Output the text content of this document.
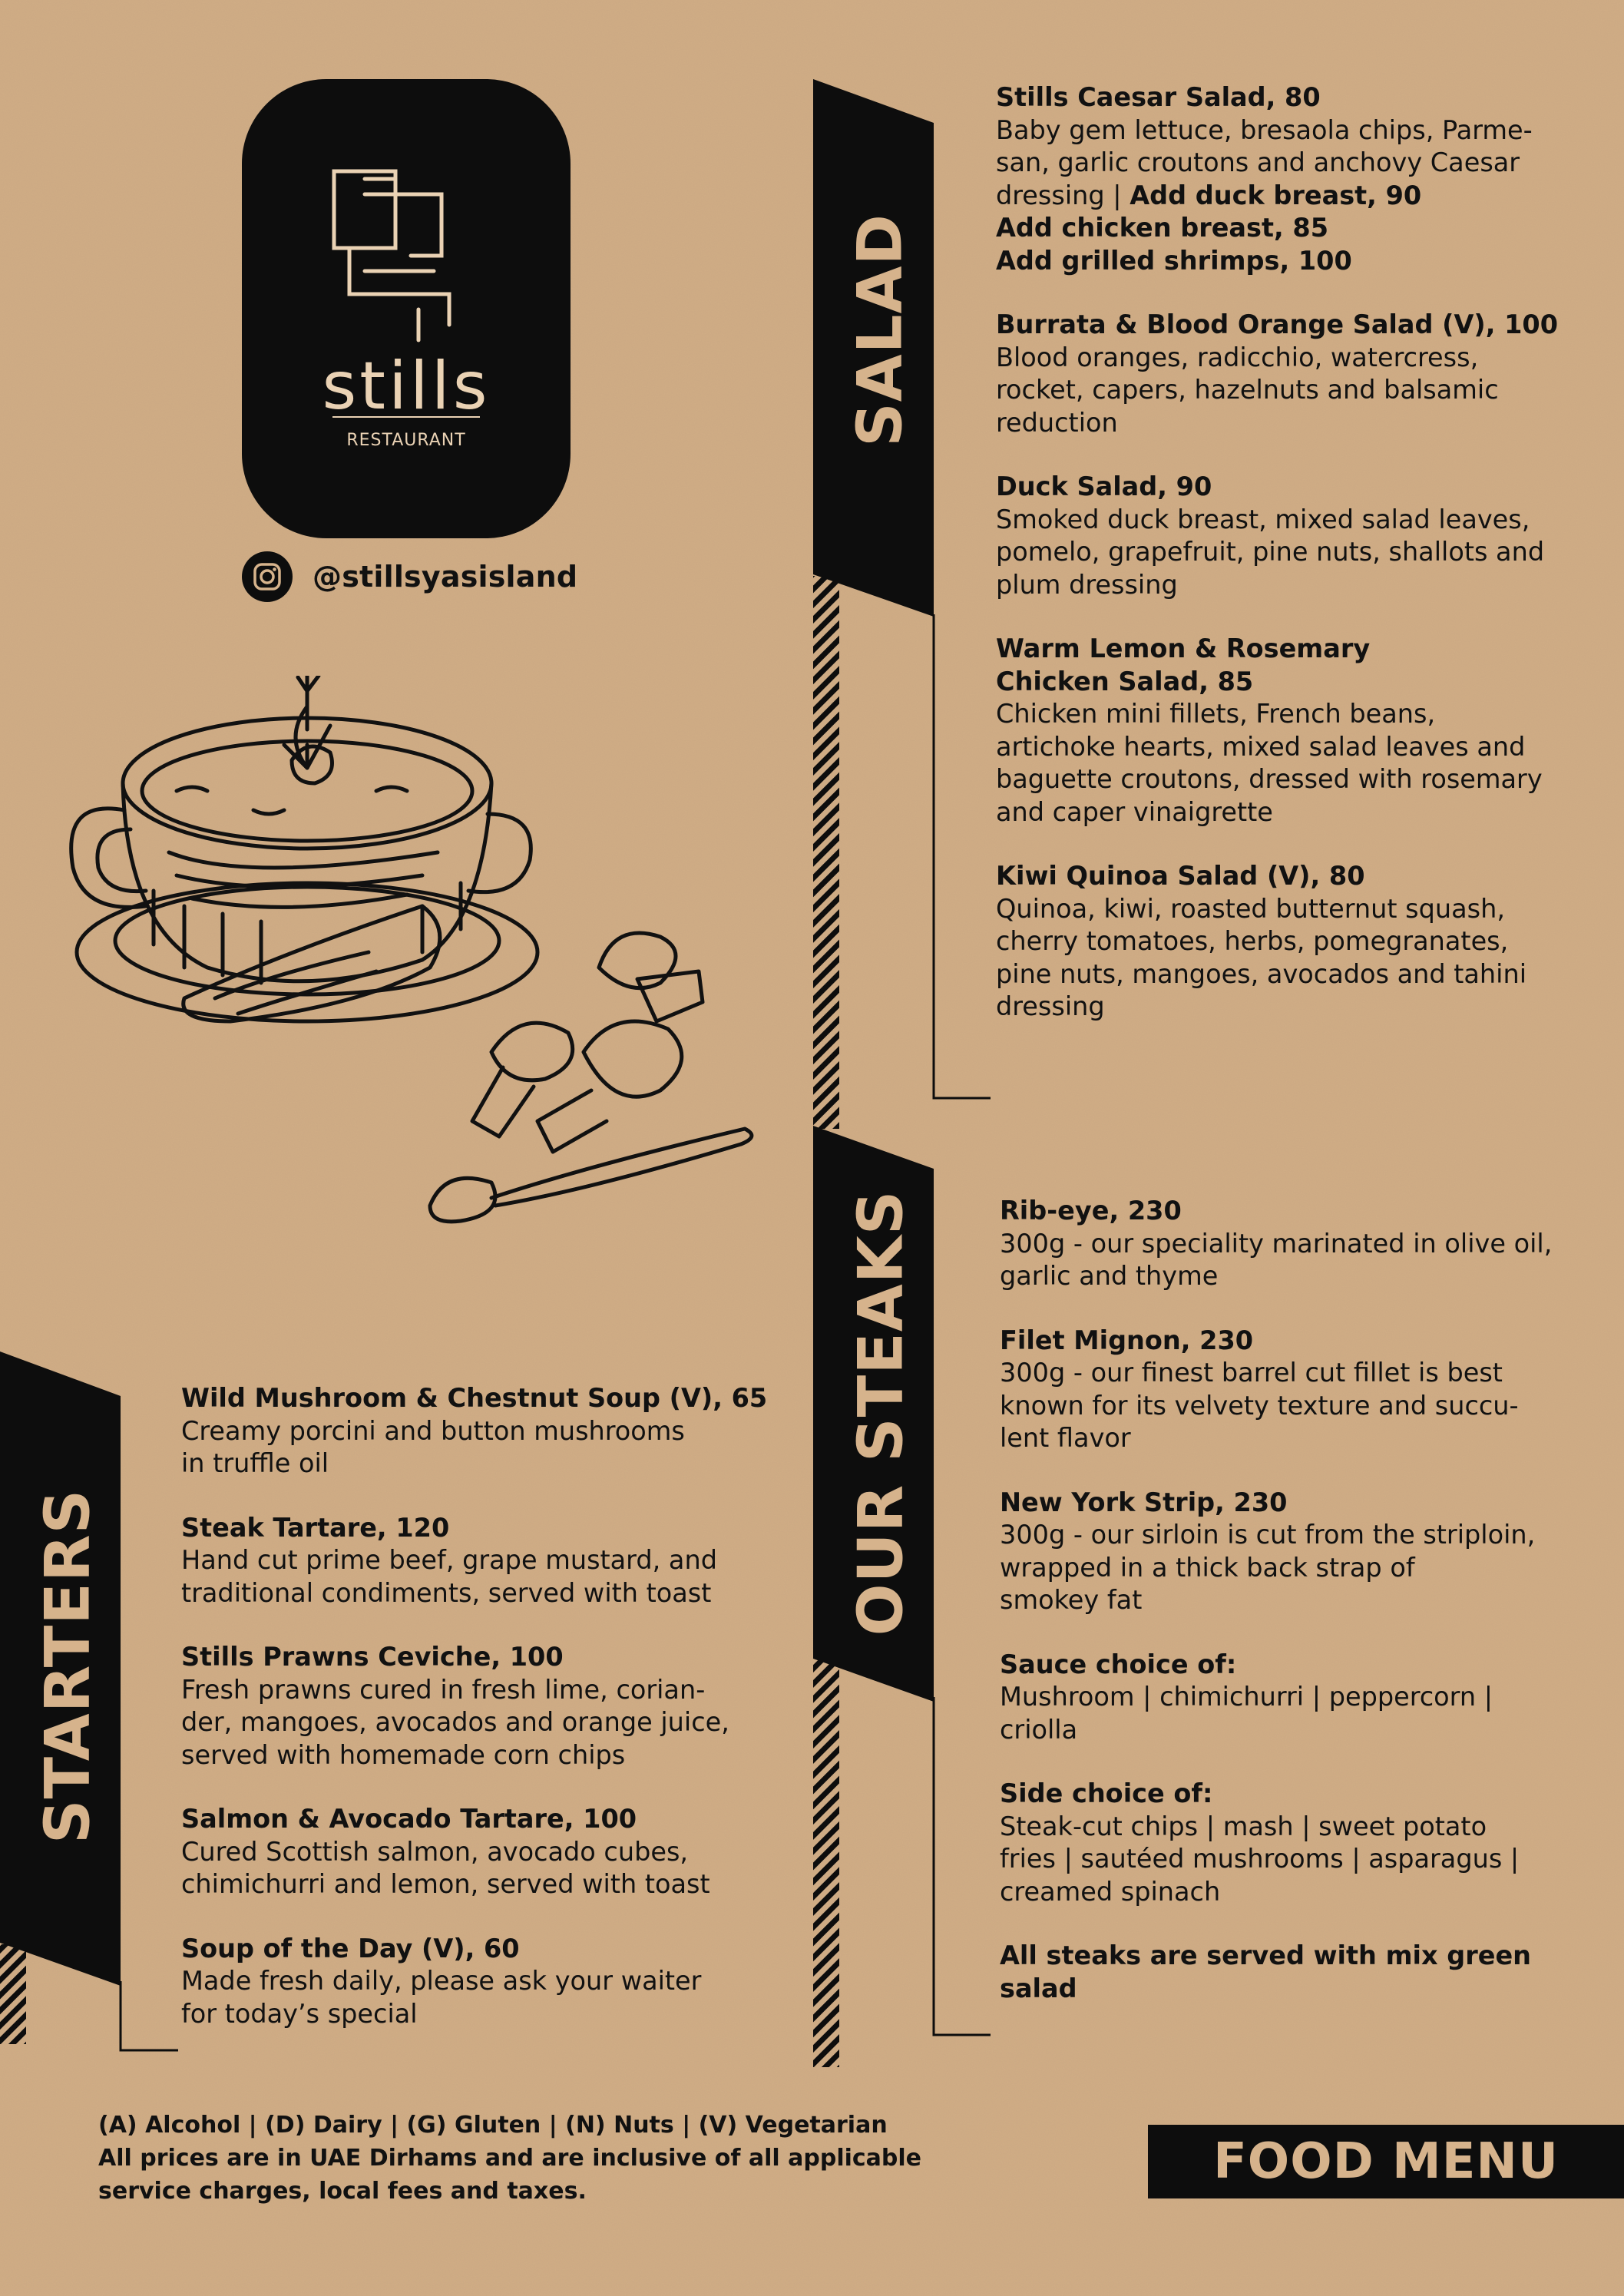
stills
RESTAURANT
@stillsyasisland
SALAD
OUR STEAKS
STARTERS
Stills Caesar Salad, 80
Baby gem lettuce, bresaola chips, Parme-
san, garlic croutons and anchovy Caesar
dressing | Add duck breast, 90
Add chicken breast, 85
Add grilled shrimps, 100
Burrata & Blood Orange Salad (V), 100
Blood oranges, radicchio, watercress,
rocket, capers, hazelnuts and balsamic
reduction
Duck Salad, 90
Smoked duck breast, mixed salad leaves,
pomelo, grapefruit, pine nuts, shallots and
plum dressing
Warm Lemon & Rosemary
Chicken Salad, 85
Chicken mini fillets, French beans,
artichoke hearts, mixed salad leaves and
baguette croutons, dressed with rosemary
and caper vinaigrette
Kiwi Quinoa Salad (V), 80
Quinoa, kiwi, roasted butternut squash,
cherry tomatoes, herbs, pomegranates,
pine nuts, mangoes, avocados and tahini
dressing
Rib-eye, 230
300g - our speciality marinated in olive oil,
garlic and thyme
Filet Mignon, 230
300g - our finest barrel cut fillet is best
known for its velvety texture and succu-
lent flavor
New York Strip, 230
300g - our sirloin is cut from the striploin,
wrapped in a thick back strap of
smokey fat
Sauce choice of:
Mushroom | chimichurri | peppercorn |
criolla
Side choice of:
Steak-cut chips | mash | sweet potato
fries | sautéed mushrooms | asparagus |
creamed spinach
All steaks are served with mix green
salad
Wild Mushroom & Chestnut Soup (V), 65
Creamy porcini and button mushrooms
in truffle oil
Steak Tartare, 120
Hand cut prime beef, grape mustard, and
traditional condiments, served with toast
Stills Prawns Ceviche, 100
Fresh prawns cured in fresh lime, corian-
der, mangoes, avocados and orange juice,
served with homemade corn chips
Salmon & Avocado Tartare, 100
Cured Scottish salmon, avocado cubes,
chimichurri and lemon, served with toast
Soup of the Day (V), 60
Made fresh daily, please ask your waiter
for today’s special
(A) Alcohol | (D) Dairy | (G) Gluten | (N) Nuts | (V) Vegetarian
All prices are in UAE Dirhams and are inclusive of all applicable
service charges, local fees and taxes.
FOOD MENU
